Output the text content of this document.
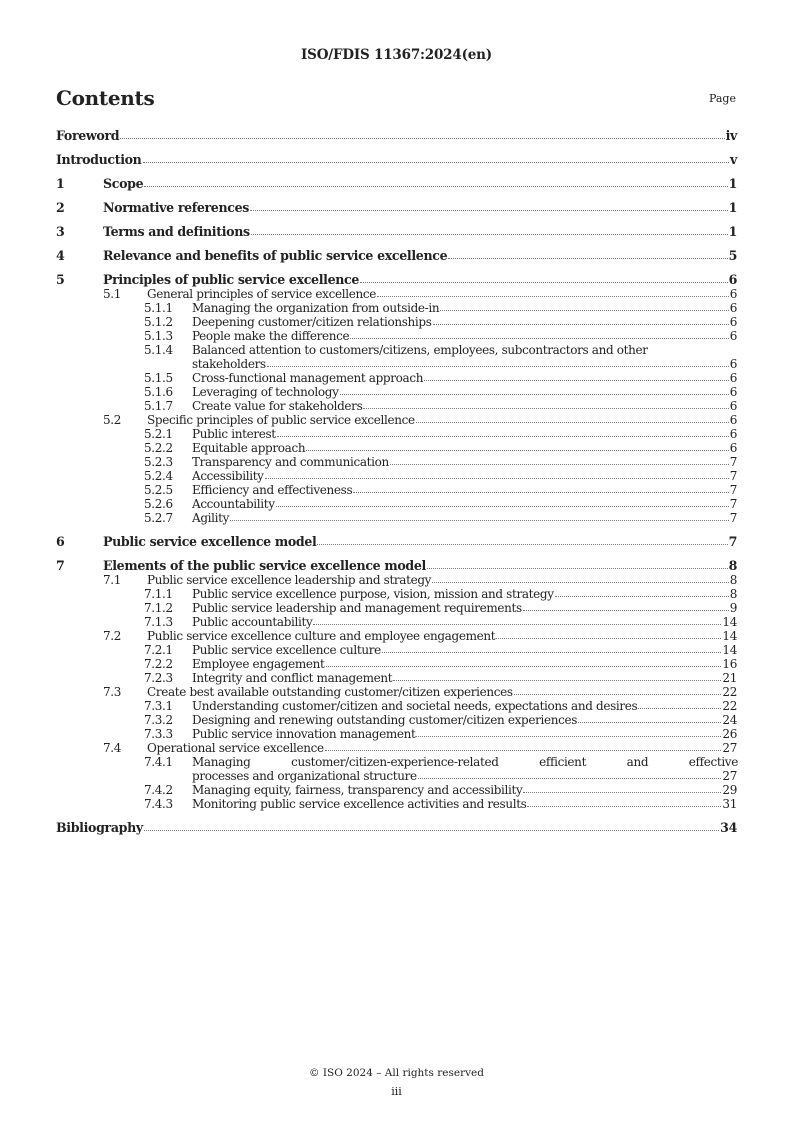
ISO/FDIS 11367:2024(en)
Contents	Page
Foreword	iv
Introduction	v
1	Scope	1
2	Normative references	1
3	Terms and definitions	1
4	Relevance and benefits of public service excellence	5
5	Principles of public service excellence	6
5.1	General principles of service excellence	6
5.1.1	Managing the organization from outside-in	6
5.1.2	Deepening customer/citizen relationships	6
5.1.3	People make the difference	6
5.1.4	Balanced attention to customers/citizens, employees, subcontractors and other
stakeholders	6
5.1.5	Cross-functional management approach	6
5.1.6	Leveraging of technology	6
5.1.7	Create value for stakeholders	6
5.2	Specific principles of public service excellence	6
5.2.1	Public interest	6
5.2.2	Equitable approach	6
5.2.3	Transparency and communication	7
5.2.4	Accessibility	7
5.2.5	Efficiency and effectiveness	7
5.2.6	Accountability	7
5.2.7	Agility	7
6	Public service excellence model	7
7	Elements of the public service excellence model	8
7.1	Public service excellence leadership and strategy	8
7.1.1	Public service excellence purpose, vision, mission and strategy	8
7.1.2	Public service leadership and management requirements	9
7.1.3	Public accountability	14
7.2	Public service excellence culture and employee engagement	14
7.2.1	Public service excellence culture	14
7.2.2	Employee engagement	16
7.2.3	Integrity and conflict management	21
7.3	Create best available outstanding customer/citizen experiences	22
7.3.1	Understanding customer/citizen and societal needs, expectations and desires	22
7.3.2	Designing and renewing outstanding customer/citizen experiences	24
7.3.3	Public service innovation management	26
7.4	Operational service excellence	27
7.4.1	Managing customer/citizen-experience-related efficient and effective
processes and organizational structure	27
7.4.2	Managing equity, fairness, transparency and accessibility	29
7.4.3	Monitoring public service excellence activities and results	31
Bibliography	34
© ISO 2024 – All rights reserved
iii
